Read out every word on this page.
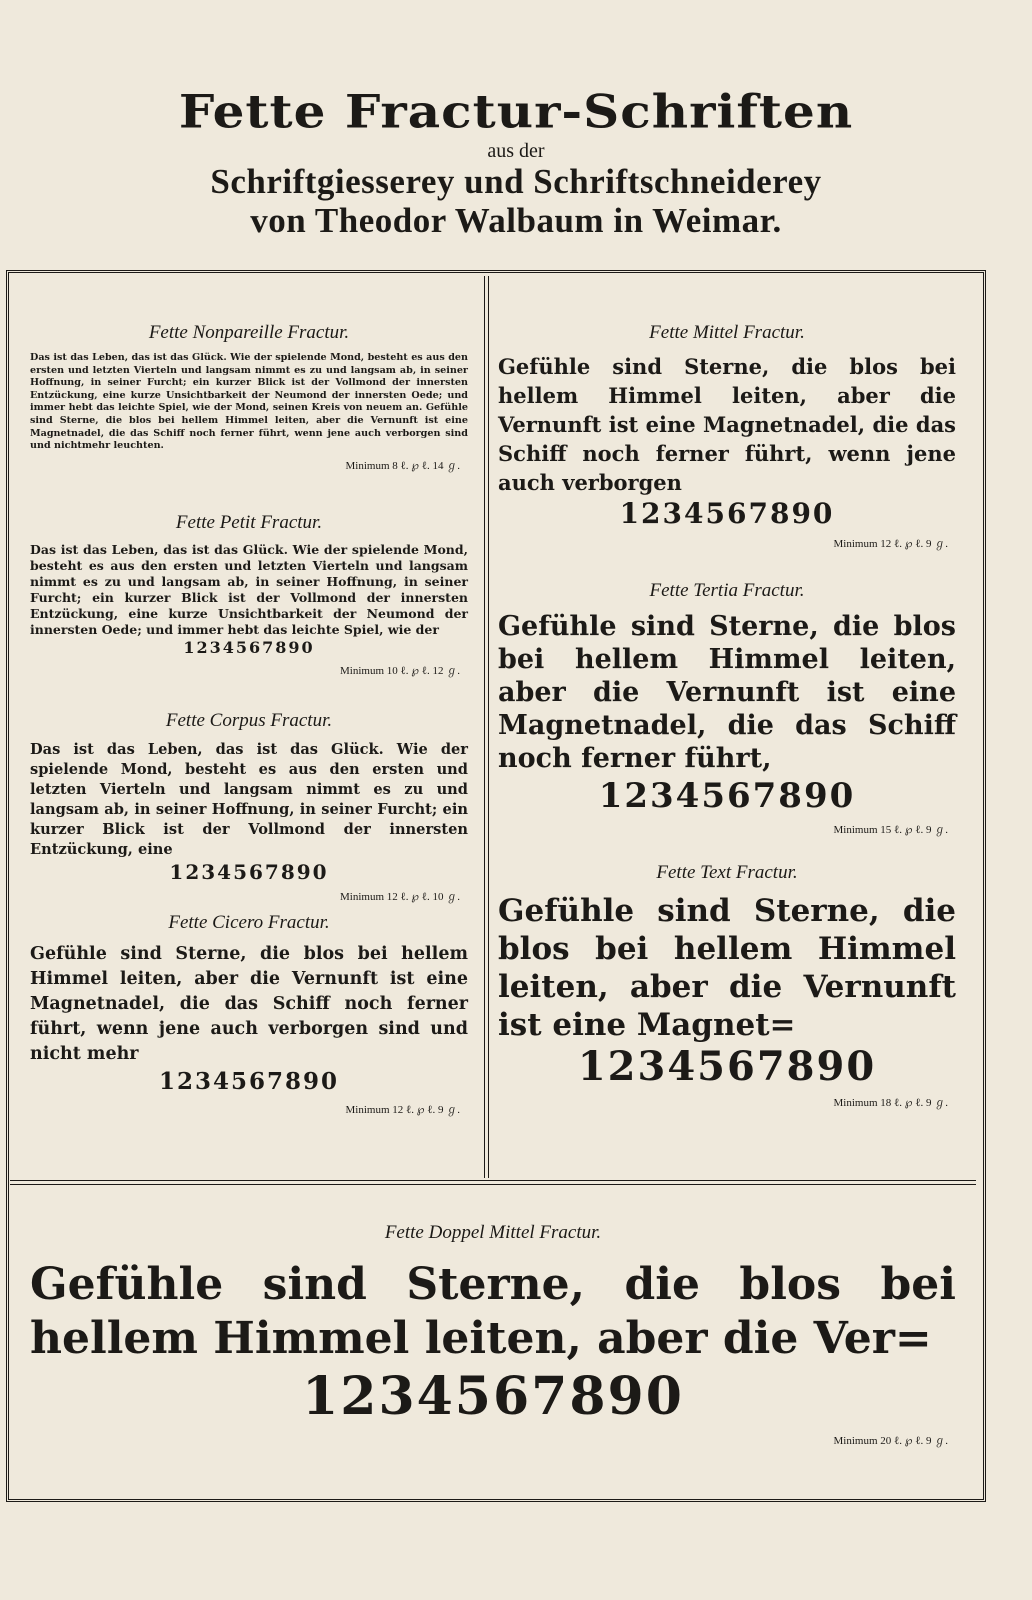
Fette Fractur-Schriften
aus der
Schriftgiesserey und Schriftschneiderey
von Theodor Walbaum in Weimar.
Fette Nonpareille Fractur.
Das ist das Leben, das ist das Glück. Wie der spielende Mond, besteht es aus den ersten und letzten Vierteln und langsam nimmt es zu und langsam ab, in seiner Hoffnung, in seiner Furcht; ein kurzer Blick ist der Vollmond der innersten Entzückung, eine kurze Unsichtbarkeit der Neumond der innersten Oede; und immer hebt das leichte Spiel, wie der Mond, seinen Kreis von neuem an. Gefühle sind Sterne, die blos bei hellem Himmel leiten, aber die Vernunft ist eine Magnetnadel, die das Schiff noch ferner führt, wenn jene auch verborgen sind und nichtmehr leuchten.
Minimum 8 ℓ. ℘ ℓ. 14 ℊ.
Fette Petit Fractur.
Das ist das Leben, das ist das Glück. Wie der spielende Mond, besteht es aus den ersten und letzten Vierteln und langsam nimmt es zu und langsam ab, in seiner Hoffnung, in seiner Furcht; ein kurzer Blick ist der Vollmond der innersten Entzückung, eine kurze Unsichtbarkeit der Neumond der innersten Oede; und immer hebt das leichte Spiel, wie der
1234567890
Minimum 10 ℓ. ℘ ℓ. 12 ℊ.
Fette Corpus Fractur.
Das ist das Leben, das ist das Glück. Wie der spielende Mond, besteht es aus den ersten und letzten Vierteln und langsam nimmt es zu und langsam ab, in seiner Hoffnung, in seiner Furcht; ein kurzer Blick ist der Vollmond der innersten Entzückung, eine
1234567890
Minimum 12 ℓ. ℘ ℓ. 10 ℊ.
Fette Cicero Fractur.
Gefühle sind Sterne, die blos bei hellem Himmel leiten, aber die Vernunft ist eine Magnetnadel, die das Schiff noch ferner führt, wenn jene auch verborgen sind und nicht mehr
1234567890
Minimum 12 ℓ. ℘ ℓ. 9 ℊ.
Fette Mittel Fractur.
Gefühle sind Sterne, die blos bei hellem Himmel leiten, aber die Vernunft ist eine Magnetnadel, die das Schiff noch ferner führt, wenn jene auch verborgen
1234567890
Minimum 12 ℓ. ℘ ℓ. 9 ℊ.
Fette Tertia Fractur.
Gefühle sind Sterne, die blos bei hellem Himmel leiten, aber die Vernunft ist eine Magnetnadel, die das Schiff noch ferner führt,
1234567890
Minimum 15 ℓ. ℘ ℓ. 9 ℊ.
Fette Text Fractur.
Gefühle sind Sterne, die blos bei hellem Himmel leiten, aber die Vernunft ist eine Magnet=
1234567890
Minimum 18 ℓ. ℘ ℓ. 9 ℊ.
Fette Doppel Mittel Fractur.
Gefühle sind Sterne, die blos bei hellem Himmel leiten, aber die Ver=
1234567890
Minimum 20 ℓ. ℘ ℓ. 9 ℊ.
